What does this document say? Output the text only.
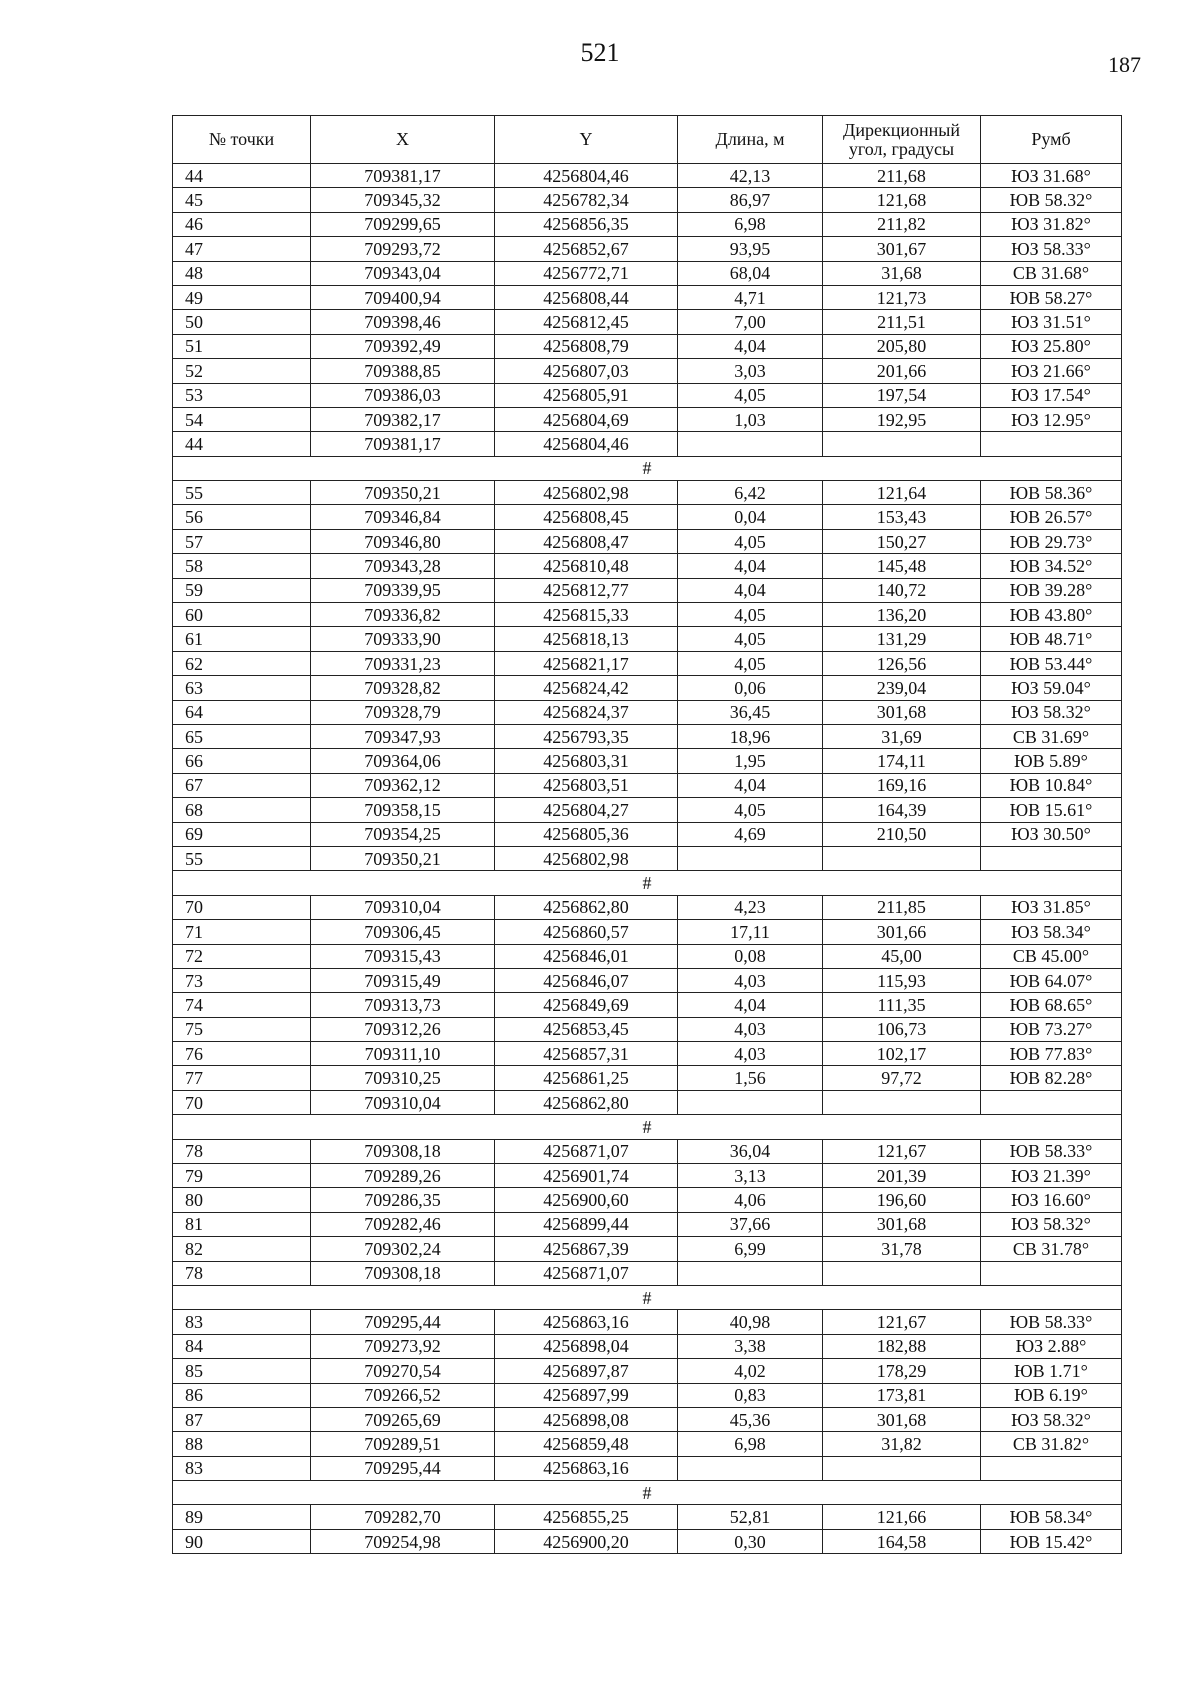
521	187
№ точки	X	Y	Длина, м	Дирекционный угол, градусы	Румб
44	709381,17	4256804,46	42,13	211,68	ЮЗ 31.68°
45	709345,32	4256782,34	86,97	121,68	ЮВ 58.32°
46	709299,65	4256856,35	6,98	211,82	ЮЗ 31.82°
47	709293,72	4256852,67	93,95	301,67	ЮЗ 58.33°
48	709343,04	4256772,71	68,04	31,68	СВ 31.68°
49	709400,94	4256808,44	4,71	121,73	ЮВ 58.27°
50	709398,46	4256812,45	7,00	211,51	ЮЗ 31.51°
51	709392,49	4256808,79	4,04	205,80	ЮЗ 25.80°
52	709388,85	4256807,03	3,03	201,66	ЮЗ 21.66°
53	709386,03	4256805,91	4,05	197,54	ЮЗ 17.54°
54	709382,17	4256804,69	1,03	192,95	ЮЗ 12.95°
44	709381,17	4256804,46			
#					
55	709350,21	4256802,98	6,42	121,64	ЮВ 58.36°
56	709346,84	4256808,45	0,04	153,43	ЮВ 26.57°
57	709346,80	4256808,47	4,05	150,27	ЮВ 29.73°
58	709343,28	4256810,48	4,04	145,48	ЮВ 34.52°
59	709339,95	4256812,77	4,04	140,72	ЮВ 39.28°
60	709336,82	4256815,33	4,05	136,20	ЮВ 43.80°
61	709333,90	4256818,13	4,05	131,29	ЮВ 48.71°
62	709331,23	4256821,17	4,05	126,56	ЮВ 53.44°
63	709328,82	4256824,42	0,06	239,04	ЮЗ 59.04°
64	709328,79	4256824,37	36,45	301,68	ЮЗ 58.32°
65	709347,93	4256793,35	18,96	31,69	СВ 31.69°
66	709364,06	4256803,31	1,95	174,11	ЮВ 5.89°
67	709362,12	4256803,51	4,04	169,16	ЮВ 10.84°
68	709358,15	4256804,27	4,05	164,39	ЮВ 15.61°
69	709354,25	4256805,36	4,69	210,50	ЮЗ 30.50°
55	709350,21	4256802,98			
#					
70	709310,04	4256862,80	4,23	211,85	ЮЗ 31.85°
71	709306,45	4256860,57	17,11	301,66	ЮЗ 58.34°
72	709315,43	4256846,01	0,08	45,00	СВ 45.00°
73	709315,49	4256846,07	4,03	115,93	ЮВ 64.07°
74	709313,73	4256849,69	4,04	111,35	ЮВ 68.65°
75	709312,26	4256853,45	4,03	106,73	ЮВ 73.27°
76	709311,10	4256857,31	4,03	102,17	ЮВ 77.83°
77	709310,25	4256861,25	1,56	97,72	ЮВ 82.28°
70	709310,04	4256862,80			
#					
78	709308,18	4256871,07	36,04	121,67	ЮВ 58.33°
79	709289,26	4256901,74	3,13	201,39	ЮЗ 21.39°
80	709286,35	4256900,60	4,06	196,60	ЮЗ 16.60°
81	709282,46	4256899,44	37,66	301,68	ЮЗ 58.32°
82	709302,24	4256867,39	6,99	31,78	СВ 31.78°
78	709308,18	4256871,07			
#					
83	709295,44	4256863,16	40,98	121,67	ЮВ 58.33°
84	709273,92	4256898,04	3,38	182,88	ЮЗ 2.88°
85	709270,54	4256897,87	4,02	178,29	ЮВ 1.71°
86	709266,52	4256897,99	0,83	173,81	ЮВ 6.19°
87	709265,69	4256898,08	45,36	301,68	ЮЗ 58.32°
88	709289,51	4256859,48	6,98	31,82	СВ 31.82°
83	709295,44	4256863,16			
#					
89	709282,70	4256855,25	52,81	121,66	ЮВ 58.34°
90	709254,98	4256900,20	0,30	164,58	ЮВ 15.42°
